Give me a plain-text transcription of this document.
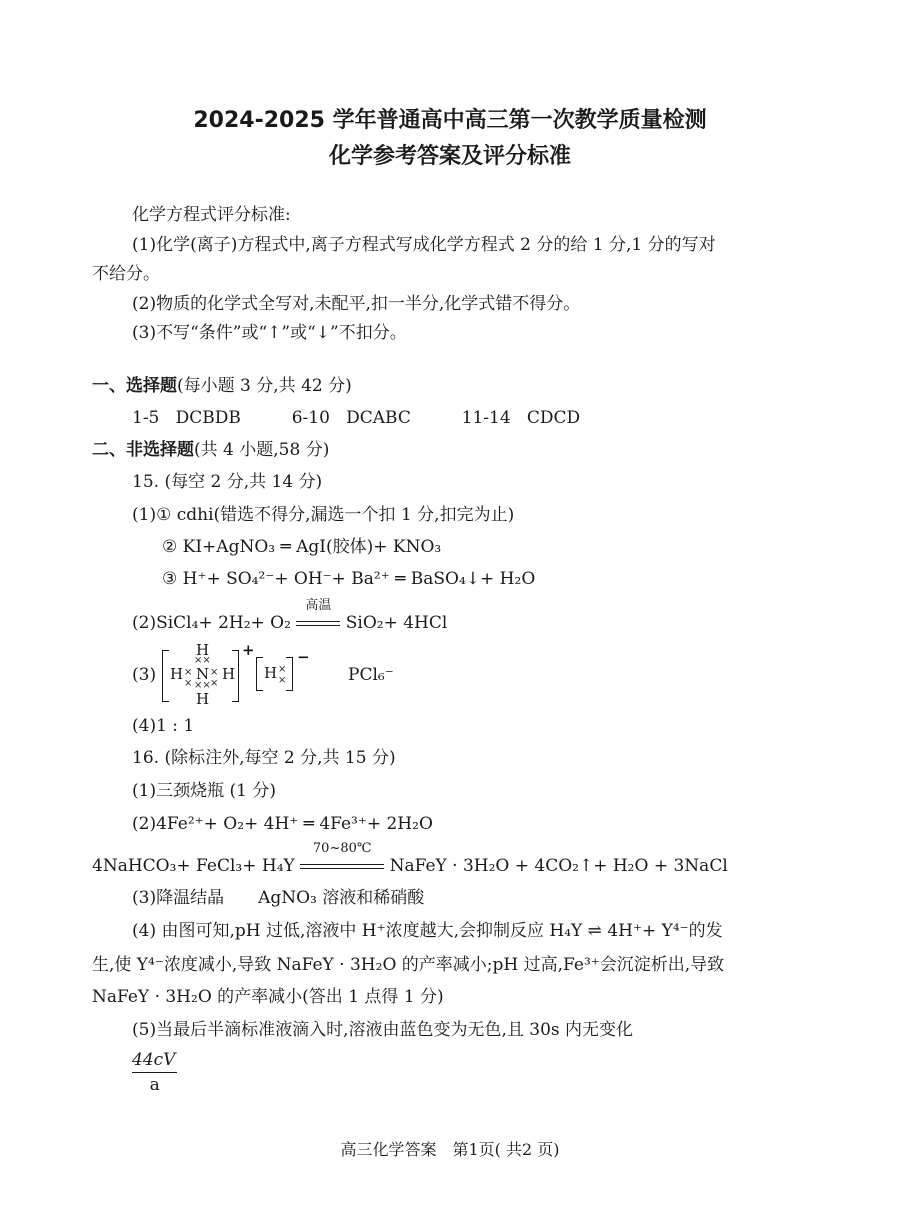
2024-2025 学年普通高中高三第一次教学质量检测
化学参考答案及评分标准
化学方程式评分标准:
(1)化学(离子)方程式中,离子方程式写成化学方程式 2 分的给 1 分,1 分的写对
不给分。
(2)物质的化学式全写对,未配平,扣一半分,化学式错不得分。
(3)不写“条件”或“↑”或“↓”不扣分。
一、选择题(每小题 3 分,共 42 分)
1-5 DCBDB	6-10 DCABC	11-14 CDCD
二、非选择题(共 4 小题,58 分)
15. (每空 2 分,共 14 分)
(1)① cdhi(错选不得分,漏选一个扣 1 分,扣完为止)
② KI+AgNO₃ ═ AgI(胶体)+ KNO₃
③ H⁺+ SO₄²⁻+ OH⁻+ Ba²⁺ ═ BaSO₄↓+ H₂O
(2)SiCl₄+ 2H₂+ O₂
高温
SiO₂+ 4HCl
(3)
H
××
H ×
×
N ×
×
H
××
H
+
H ×
×
−
PCl₆⁻
(4)1 : 1
16. (除标注外,每空 2 分,共 15 分)
(1)三颈烧瓶 (1 分)
(2)4Fe²⁺+ O₂+ 4H⁺ ═ 4Fe³⁺+ 2H₂O
4NaHCO₃+ FeCl₃+ H₄Y
70~80℃
NaFeY · 3H₂O + 4CO₂↑+ H₂O + 3NaCl
(3)降温结晶　　AgNO₃ 溶液和稀硝酸
(4) 由图可知,pH 过低,溶液中 H⁺浓度越大,会抑制反应 H₄Y ⇌ 4H⁺+ Y⁴⁻的发
生,使 Y⁴⁻浓度减小,导致 NaFeY · 3H₂O 的产率减小;pH 过高,Fe³⁺会沉淀析出,导致
NaFeY · 3H₂O 的产率减小(答出 1 点得 1 分)
(5)当最后半滴标准液滴入时,溶液由蓝色变为无色,且 30s 内无变化
$\frac{44cV}{a}$
高三化学答案　第1页( 共2 页)
